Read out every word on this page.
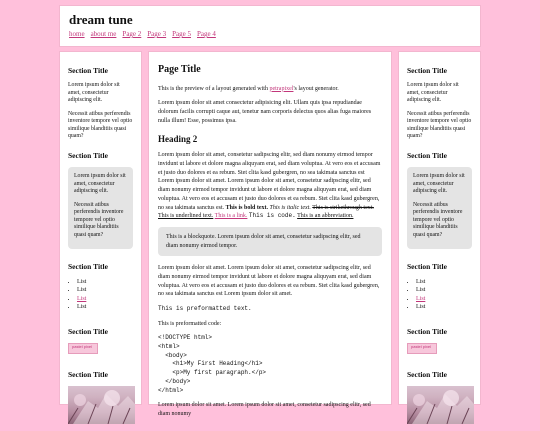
dream tune
home about me Page 2 Page 3 Page 5 Page 4
Section Title

Lorem ipsum dolor sit amet, consectetur adipiscing elit.

Necessit atibus perferendis inventore tempore vel optio similique blanditiis quasi quam?

Section Title

Lorem ipsum dolor sit amet, consectetur adipiscing elit.

Necessit atibus perferendis inventore tempore vel optio similique blanditiis quasi quam?

Section Title
• List
• List
• List
• List
Section Title
pastel pixel
Section Title
Page Title

This is the preview of a layout generated with petrapixel's layout generator.

Lorem ipsum dolor sit amet consectetur adipisicing elit. Ullam quis ipsa repudiandae dolorum facilis corrupti caque aut, tenetur nam corporis delectus quos alias fuga maiores nulla illum! Esse, possimus ipsa.

Heading 2

Lorem ipsum dolor sit amet, consetetur sadipscing elitr, sed diam nonumy eirmod tempor invidunt ut labore et dolore magna aliquyam erat, sed diam voluptua. At vero eos et accusam et justo duo dolores et ea rebum. Stet clita kasd gubergren, no sea takimata sanctus est Lorem ipsum dolor sit amet. Lorem ipsum dolor sit amet, consetetur sadipscing elitr, sed diam nonumy eirmod tempor invidunt ut labore et dolore magna aliquyam erat, sed diam voluptua. At vero eos et accusam et justo duo dolores et ea rebum. Stet clita kasd gubergren, no sea takimata sanctus est. This is bold text. This is italic text. This is strikethrough text. This is underlined text. This is a link. This is code. This is an abbreviation.

This is a blockquote. Lorem ipsum dolor sit amet, consetetur sadipscing elitr, sed diam nonumy eirmod tempor.

Lorem ipsum dolor sit amet. Lorem ipsum dolor sit amet, consetetur sadipscing elitr, sed diam nonumy eirmod tempor invidunt ut labore et dolore magna aliquyam erat, sed diam voluptua. At vero eos et accusam et justo duo dolores et ea rebum. Stet clita kasd gubergren, no sea takimata sanctus est Lorem ipsum dolor sit amet.

This is preformatted text.

This is preformatted code:

<!DOCTYPE html>
<html>
<body>
<h1>My First Heading</h1>
<p>My first paragraph.</p>
</body>
</html>

Lorem ipsum dolor sit amet. Lorem ipsum dolor sit amet, consetetur sadipscing elitr, sed diam nonumy

Section Title

Lorem ipsum dolor sit amet, consectetur adipiscing elit.

Necessit atibus perferendis inventore tempore vel optio similique blanditiis quasi quam?

Section Title

Lorem ipsum dolor sit amet, consectetur adipiscing elit.

Necessit atibus perferendis inventore tempore vel optio similique blanditiis quasi quam?

Section Title
• List
• List
• List
• List
Section Title
pastel pixel
Section Title
